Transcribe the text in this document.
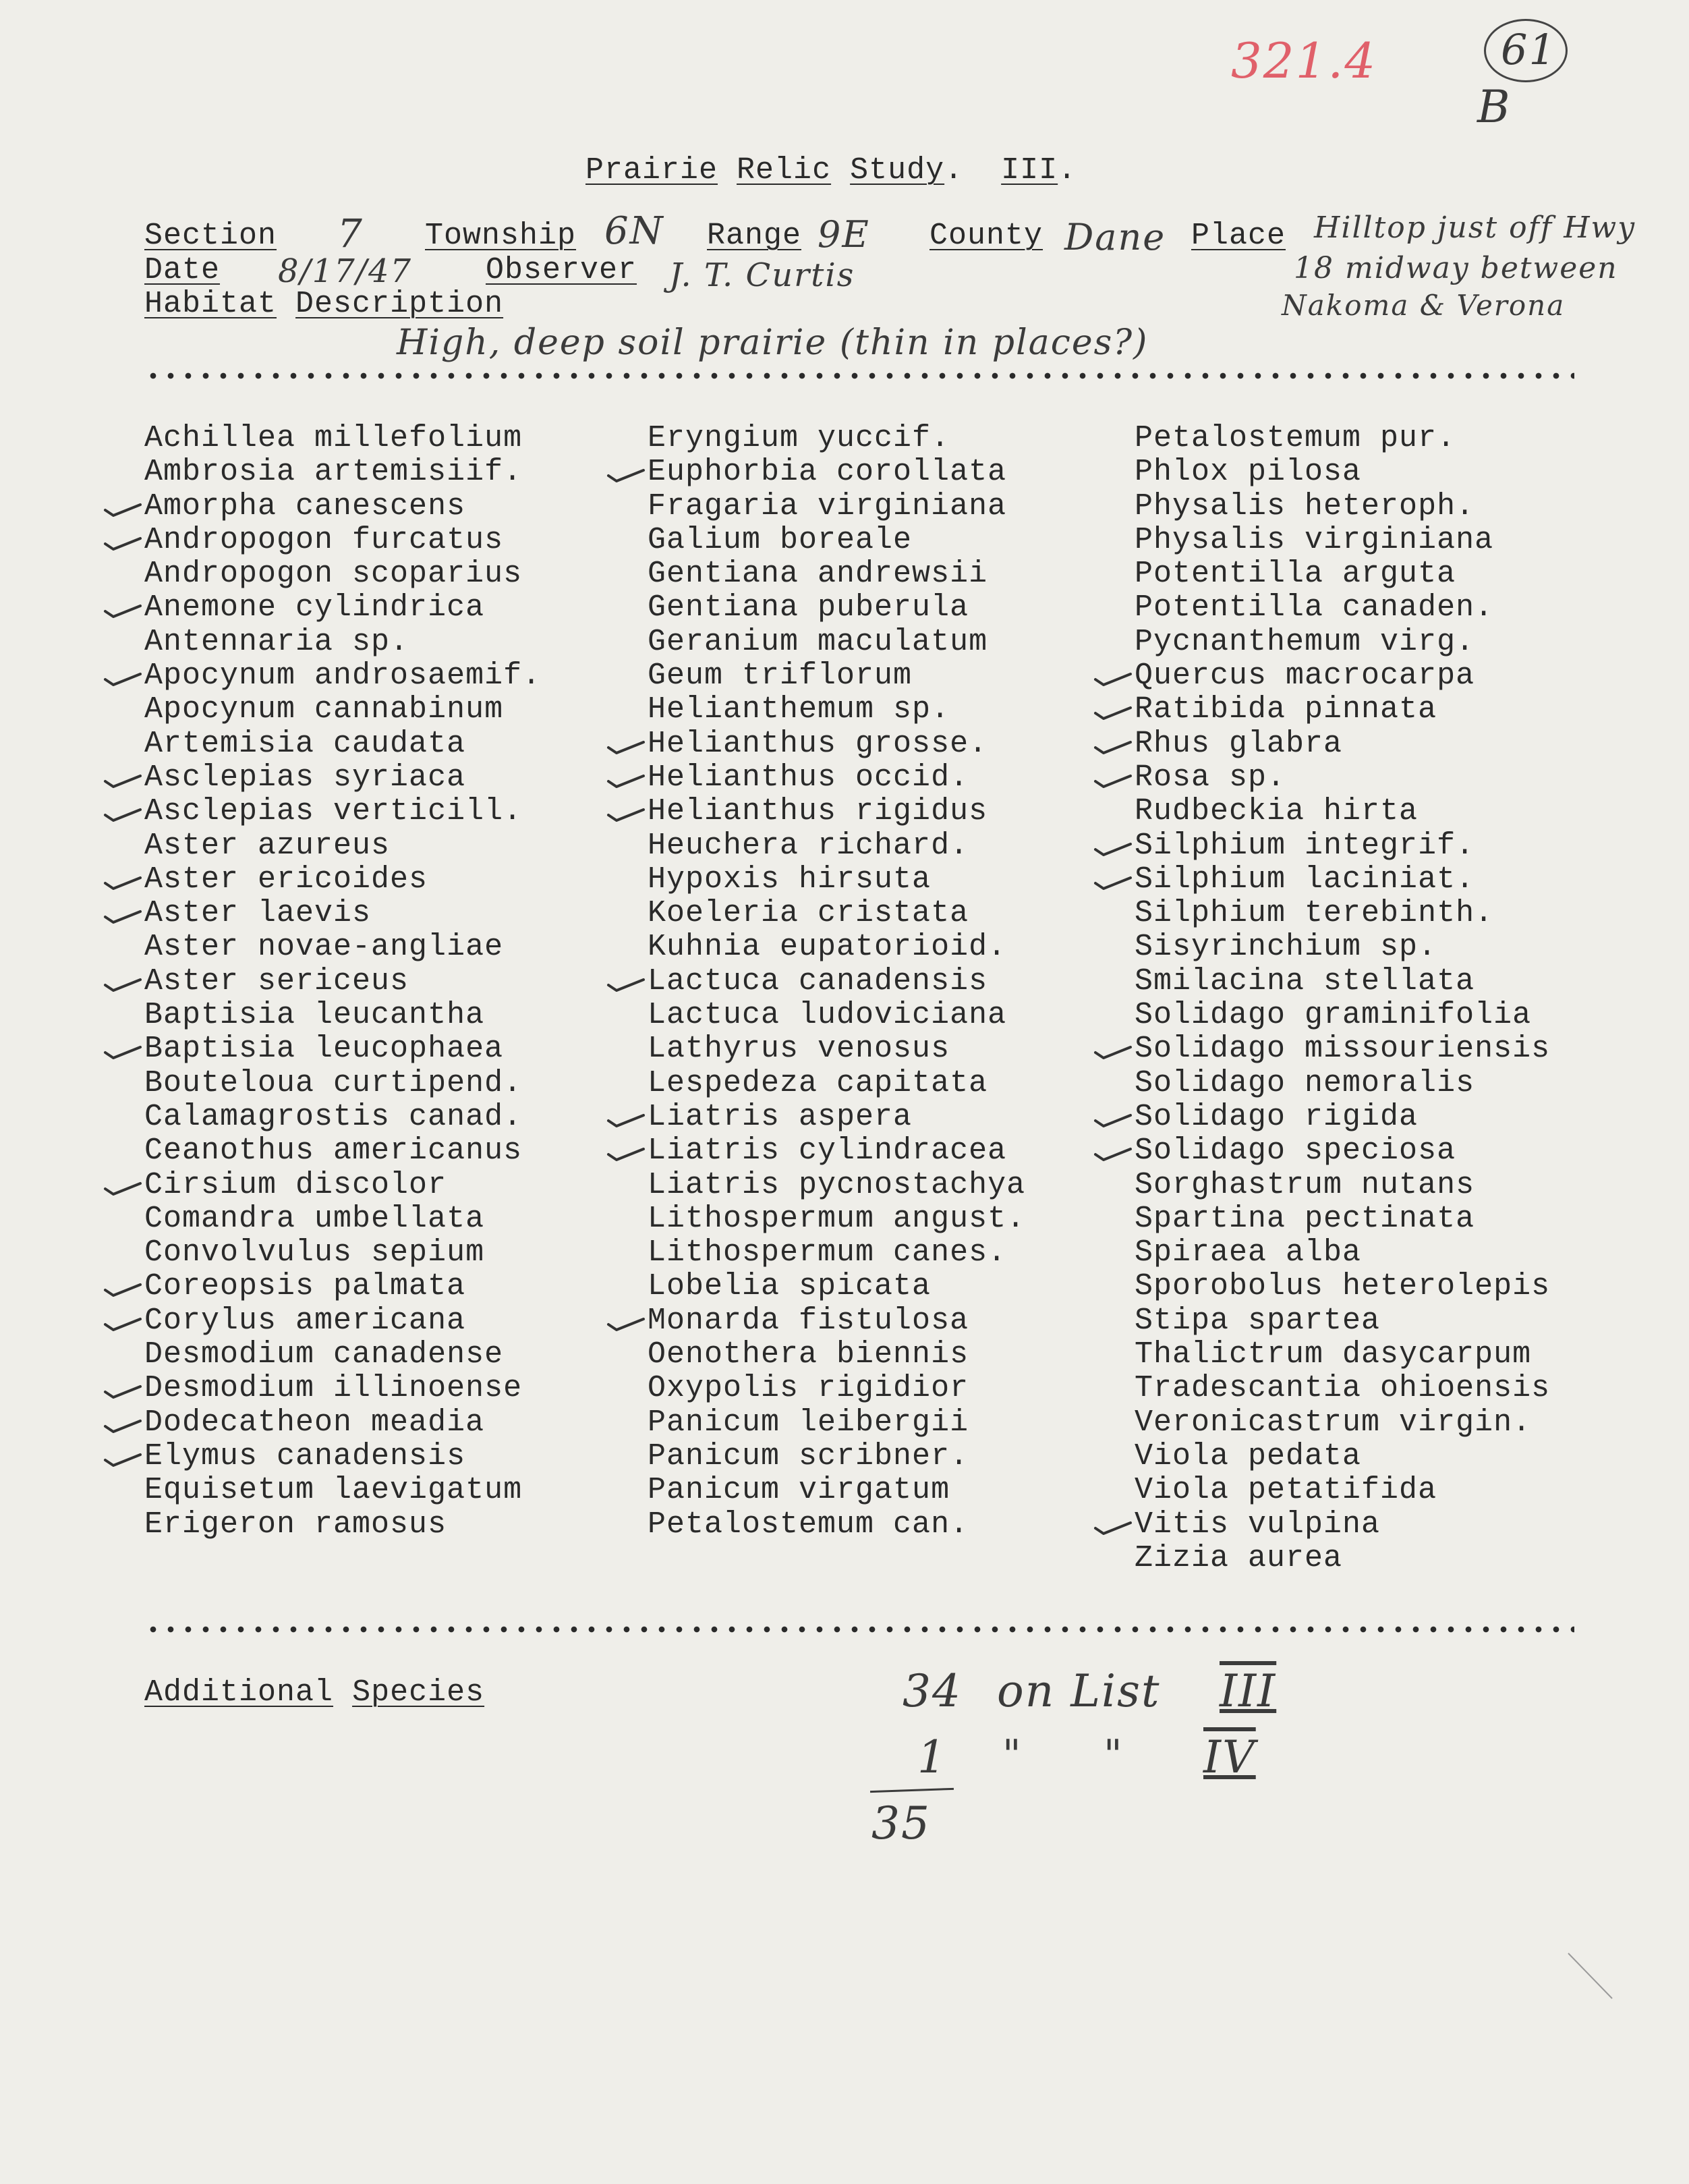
321.4	61
B
Prairie Relic Study. III.
Section 7 Township 6N Range 9E County Dane Place Hilltop just off Hwy
18 midway between
Nakoma & Verona
Date 8/17/47 Observer J. T. Curtis
Habitat Description
High, deep soil prairie (thin in places?)
Achillea millefolium
Ambrosia artemisiif.
Amorpha canescens
Andropogon furcatus
Andropogon scoparius
Anemone cylindrica
Antennaria sp.
Apocynum androsaemif.
Apocynum cannabinum
Artemisia caudata
Asclepias syriaca
Asclepias verticill.
Aster azureus
Aster ericoides
Aster laevis
Aster novae-angliae
Aster sericeus
Baptisia leucantha
Baptisia leucophaea
Bouteloua curtipend.
Calamagrostis canad.
Ceanothus americanus
Cirsium discolor
Comandra umbellata
Convolvulus sepium
Coreopsis palmata
Corylus americana
Desmodium canadense
Desmodium illinoense
Dodecatheon meadia
Elymus canadensis
Equisetum laevigatum
Erigeron ramosus
Eryngium yuccif.
Euphorbia corollata
Fragaria virginiana
Galium boreale
Gentiana andrewsii
Gentiana puberula
Geranium maculatum
Geum triflorum
Helianthemum sp.
Helianthus grosse.
Helianthus occid.
Helianthus rigidus
Heuchera richard.
Hypoxis hirsuta
Koeleria cristata
Kuhnia eupatorioid.
Lactuca canadensis
Lactuca ludoviciana
Lathyrus venosus
Lespedeza capitata
Liatris aspera
Liatris cylindracea
Liatris pycnostachya
Lithospermum angust.
Lithospermum canes.
Lobelia spicata
Monarda fistulosa
Oenothera biennis
Oxypolis rigidior
Panicum leibergii
Panicum scribner.
Panicum virgatum
Petalostemum can.
Petalostemum pur.
Phlox pilosa
Physalis heteroph.
Physalis virginiana
Potentilla arguta
Potentilla canaden.
Pycnanthemum virg.
Quercus macrocarpa
Ratibida pinnata
Rhus glabra
Rosa sp.
Rudbeckia hirta
Silphium integrif.
Silphium laciniat.
Silphium terebinth.
Sisyrinchium sp.
Smilacina stellata
Solidago graminifolia
Solidago missouriensis
Solidago nemoralis
Solidago rigida
Solidago speciosa
Sorghastrum nutans
Spartina pectinata
Spiraea alba
Sporobolus heterolepis
Stipa spartea
Thalictrum dasycarpum
Tradescantia ohioensis
Veronicastrum virgin.
Viola pedata
Viola petatifida
Vitis vulpina
Zizia aurea
Additional Species	34 on List III
1 " " IV
35
